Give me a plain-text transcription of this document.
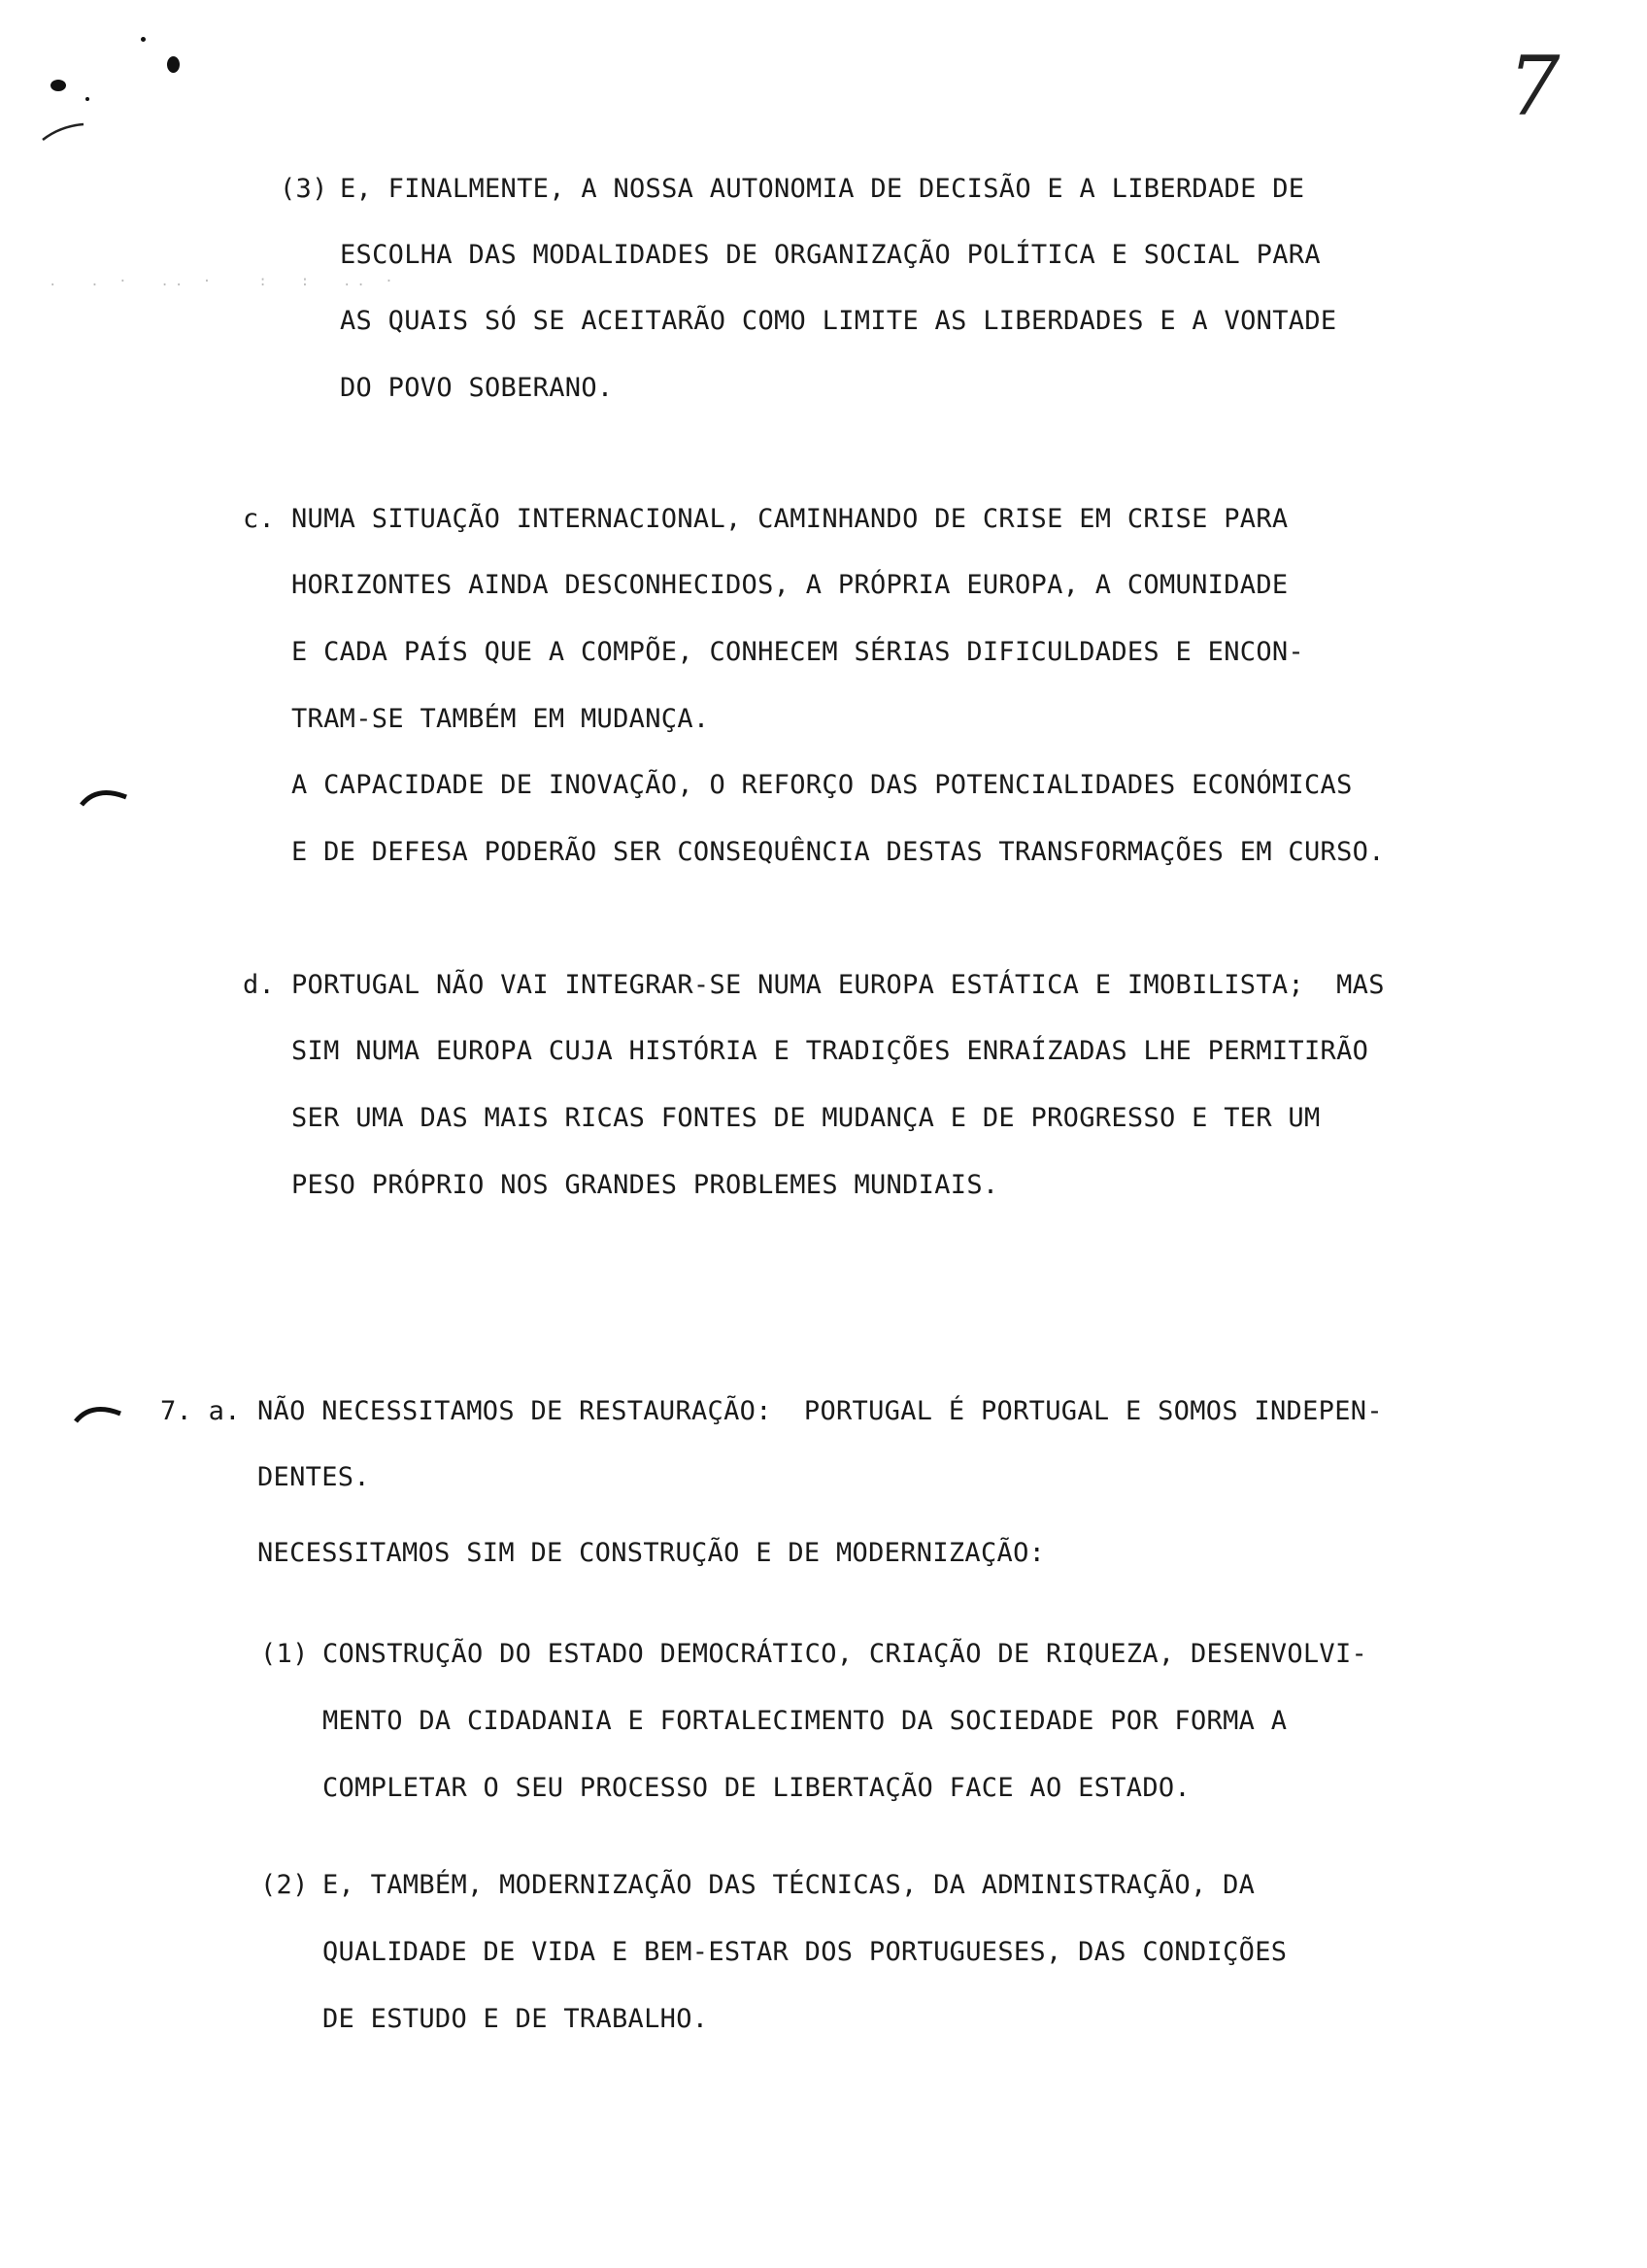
.  . ·  .. ·   :  :  .. ·
7
(3) E, FINALMENTE, A NOSSA AUTONOMIA DE DECISÃO E A LIBERDADE DE
ESCOLHA DAS MODALIDADES DE ORGANIZAÇÃO POLÍTICA E SOCIAL PARA
AS QUAIS SÓ SE ACEITARÃO COMO LIMITE AS LIBERDADES E A VONTADE
DO POVO SOBERANO.
c. NUMA SITUAÇÃO INTERNACIONAL, CAMINHANDO DE CRISE EM CRISE PARA
HORIZONTES AINDA DESCONHECIDOS, A PRÓPRIA EUROPA, A COMUNIDADE
E CADA PAÍS QUE A COMPÕE, CONHECEM SÉRIAS DIFICULDADES E ENCON-
TRAM-SE TAMBÉM EM MUDANÇA.
A CAPACIDADE DE INOVAÇÃO, O REFORÇO DAS POTENCIALIDADES ECONÓMICAS
E DE DEFESA PODERÃO SER CONSEQUÊNCIA DESTAS TRANSFORMAÇÕES EM CURSO.
d. PORTUGAL NÃO VAI INTEGRAR-SE NUMA EUROPA ESTÁTICA E IMOBILISTA;  MAS
SIM NUMA EUROPA CUJA HISTÓRIA E TRADIÇÕES ENRAÍZADAS LHE PERMITIRÃO
SER UMA DAS MAIS RICAS FONTES DE MUDANÇA E DE PROGRESSO E TER UM
PESO PRÓPRIO NOS GRANDES PROBLEMES MUNDIAIS.
7. a. NÃO NECESSITAMOS DE RESTAURAÇÃO:  PORTUGAL É PORTUGAL E SOMOS INDEPEN-
DENTES.
NECESSITAMOS SIM DE CONSTRUÇÃO E DE MODERNIZAÇÃO:
(1) CONSTRUÇÃO DO ESTADO DEMOCRÁTICO, CRIAÇÃO DE RIQUEZA, DESENVOLVI-
MENTO DA CIDADANIA E FORTALECIMENTO DA SOCIEDADE POR FORMA A
COMPLETAR O SEU PROCESSO DE LIBERTAÇÃO FACE AO ESTADO.
(2) E, TAMBÉM, MODERNIZAÇÃO DAS TÉCNICAS, DA ADMINISTRAÇÃO, DA
QUALIDADE DE VIDA E BEM-ESTAR DOS PORTUGUESES, DAS CONDIÇÕES
DE ESTUDO E DE TRABALHO.
